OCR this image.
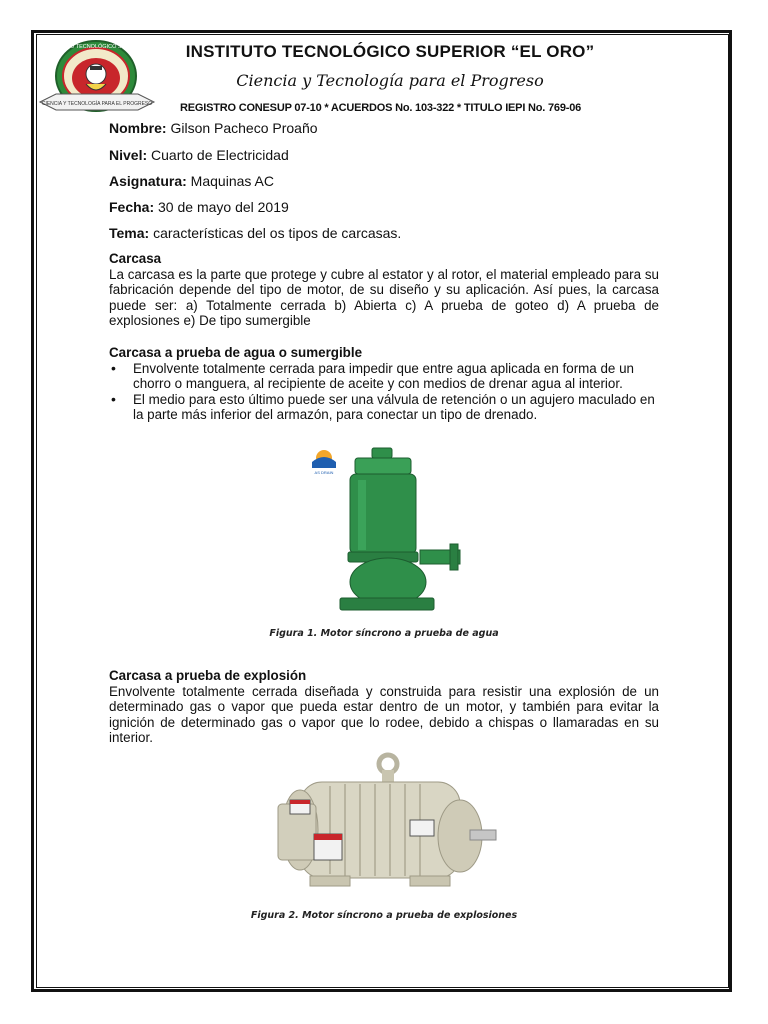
CIENCIA Y TECNOLOGÍA PARA EL PROGRESO
INSTITUTO TECNOLÓGICO SUPERIOR	INSTITUTO TECNOLÓGICO SUPERIOR “EL ORO”
Ciencia y Tecnología para el Progreso
REGISTRO CONESUP 07-10 * ACUERDOS No. 103-322 * TITULO IEPI No. 769-06
Nombre: Gilson Pacheco Proaño
Nivel: Cuarto de Electricidad
Asignatura: Maquinas AC
Fecha: 30 de mayo del 2019
Tema: características del os tipos de carcasas.
Carcasa
La carcasa es la parte que protege y cubre al estator y al rotor, el material empleado para su fabricación depende del tipo de motor, de su diseño y su aplicación. Así pues, la carcasa puede ser: a) Totalmente cerrada b) Abierta c) A prueba de goteo d) A prueba de explosiones e) De tipo sumergible
Carcasa a prueba de agua o sumergible
• Envolvente totalmente cerrada para impedir que entre agua aplicada en forma de un chorro o manguera, al recipiente de aceite y con medios de drenar agua al interior.
• El medio para esto último puede ser una válvula de retención o un agujero maculado en la parte más inferior del armazón, para conectar un tipo de drenado.
AS DRAIN
Figura 1. Motor síncrono a prueba de agua
Carcasa a prueba de explosión
Envolvente totalmente cerrada diseñada y construida para resistir una explosión de un determinado gas o vapor que pueda estar dentro de un motor, y también para evitar la ignición de determinado gas o vapor que lo rodee, debido a chispas o llamaradas en su interior.
Figura 2. Motor síncrono a prueba de explosiones
